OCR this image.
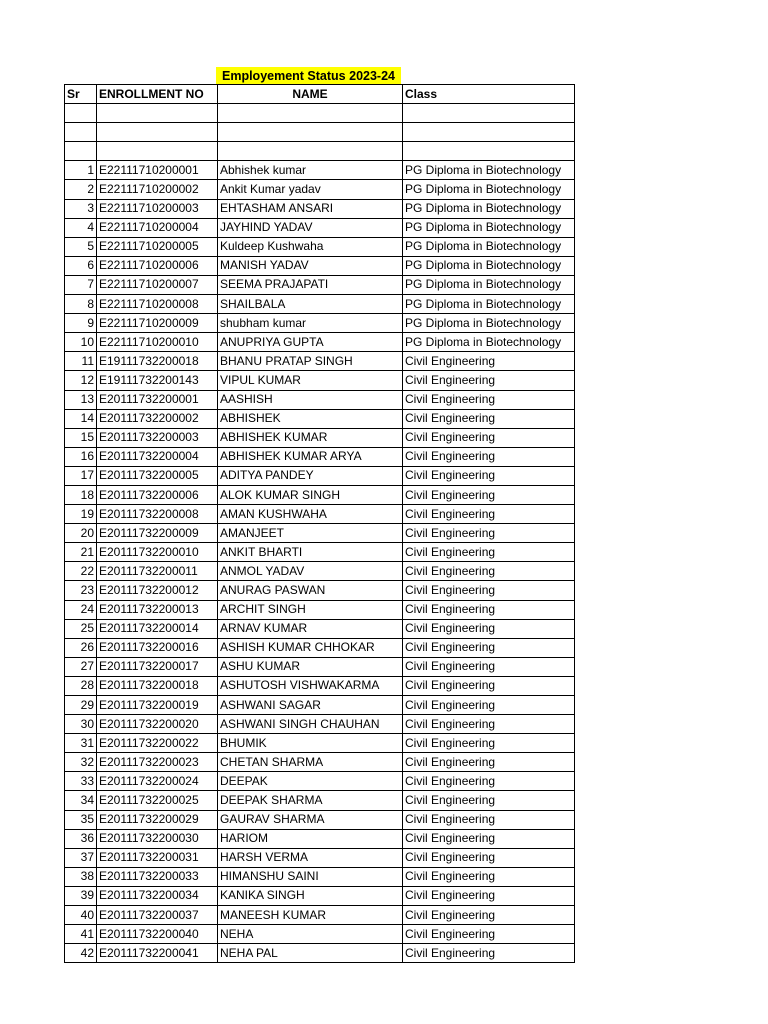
Employement Status 2023-24
Sr	ENROLLMENT NO	NAME	Class

1	E22111710200001	Abhishek kumar	PG Diploma in Biotechnology
2	E22111710200002	Ankit Kumar yadav	PG Diploma in Biotechnology
3	E22111710200003	EHTASHAM ANSARI	PG Diploma in Biotechnology
4	E22111710200004	JAYHIND YADAV	PG Diploma in Biotechnology
5	E22111710200005	Kuldeep Kushwaha	PG Diploma in Biotechnology
6	E22111710200006	MANISH YADAV	PG Diploma in Biotechnology
7	E22111710200007	SEEMA PRAJAPATI	PG Diploma in Biotechnology
8	E22111710200008	SHAILBALA	PG Diploma in Biotechnology
9	E22111710200009	shubham kumar	PG Diploma in Biotechnology
10	E22111710200010	ANUPRIYA GUPTA	PG Diploma in Biotechnology
11	E19111732200018	BHANU PRATAP SINGH	Civil Engineering
12	E19111732200143	VIPUL KUMAR	Civil Engineering
13	E20111732200001	AASHISH	Civil Engineering
14	E20111732200002	ABHISHEK	Civil Engineering
15	E20111732200003	ABHISHEK KUMAR	Civil Engineering
16	E20111732200004	ABHISHEK KUMAR ARYA	Civil Engineering
17	E20111732200005	ADITYA PANDEY	Civil Engineering
18	E20111732200006	ALOK KUMAR SINGH	Civil Engineering
19	E20111732200008	AMAN KUSHWAHA	Civil Engineering
20	E20111732200009	AMANJEET	Civil Engineering
21	E20111732200010	ANKIT BHARTI	Civil Engineering
22	E20111732200011	ANMOL YADAV	Civil Engineering
23	E20111732200012	ANURAG PASWAN	Civil Engineering
24	E20111732200013	ARCHIT SINGH	Civil Engineering
25	E20111732200014	ARNAV KUMAR	Civil Engineering
26	E20111732200016	ASHISH KUMAR CHHOKAR	Civil Engineering
27	E20111732200017	ASHU KUMAR	Civil Engineering
28	E20111732200018	ASHUTOSH VISHWAKARMA	Civil Engineering
29	E20111732200019	ASHWANI SAGAR	Civil Engineering
30	E20111732200020	ASHWANI SINGH CHAUHAN	Civil Engineering
31	E20111732200022	BHUMIK	Civil Engineering
32	E20111732200023	CHETAN SHARMA	Civil Engineering
33	E20111732200024	DEEPAK	Civil Engineering
34	E20111732200025	DEEPAK SHARMA	Civil Engineering
35	E20111732200029	GAURAV SHARMA	Civil Engineering
36	E20111732200030	HARIOM	Civil Engineering
37	E20111732200031	HARSH VERMA	Civil Engineering
38	E20111732200033	HIMANSHU SAINI	Civil Engineering
39	E20111732200034	KANIKA SINGH	Civil Engineering
40	E20111732200037	MANEESH KUMAR	Civil Engineering
41	E20111732200040	NEHA	Civil Engineering
42	E20111732200041	NEHA PAL	Civil Engineering
